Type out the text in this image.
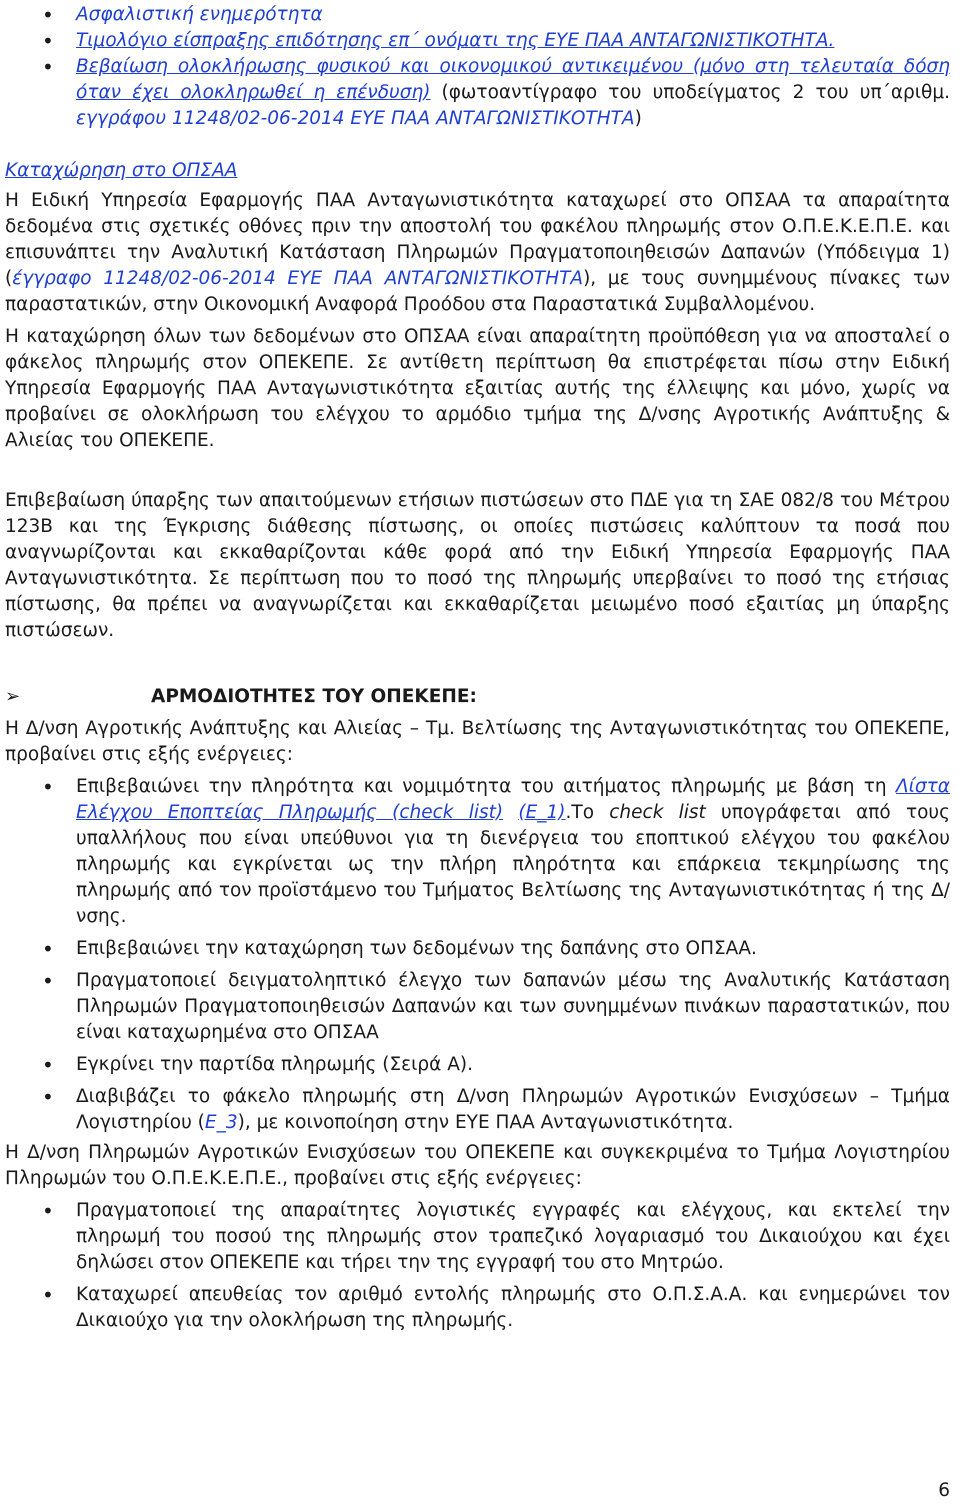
• Ασφαλιστική ενημερότητα
• Τιμολόγιο είσπραξης επιδότησης επ΄ ονόματι της ΕΥΕ ΠΑΑ ΑΝΤΑΓΩΝΙΣΤΙΚΟΤΗΤΑ.
• Βεβαίωση ολοκλήρωσης φυσικού και οικονομικού αντικειμένου (μόνο στη τελευταία δόση όταν έχει ολοκληρωθεί η επένδυση) (φωτοαντίγραφο του υποδείγματος 2 του υπ΄αριθμ. εγγράφου 11248/02-06-2014 ΕΥΕ ΠΑΑ ΑΝΤΑΓΩΝΙΣΤΙΚΟΤΗΤΑ)

Καταχώρηση στο ΟΠΣΑΑ

Η Ειδική Υπηρεσία Εφαρμογής ΠΑΑ Ανταγωνιστικότητα καταχωρεί στο ΟΠΣΑΑ τα απαραίτητα δεδομένα στις σχετικές οθόνες πριν την αποστολή του φακέλου πληρωμής στον Ο.Π.Ε.Κ.Ε.Π.Ε. και επισυνάπτει την Αναλυτική Κατάσταση Πληρωμών Πραγματοποιηθεισών Δαπανών (Υπόδειγμα 1) (έγγραφο 11248/02-06-2014 ΕΥΕ ΠΑΑ ΑΝΤΑΓΩΝΙΣΤΙΚΟΤΗΤΑ), με τους συνημμένους πίνακες των παραστατικών, στην Οικονομική Αναφορά Προόδου στα Παραστατικά Συμβαλλομένου.

Η καταχώρηση όλων των δεδομένων στο ΟΠΣΑΑ είναι απαραίτητη προϋπόθεση για να αποσταλεί ο φάκελος πληρωμής στον ΟΠΕΚΕΠΕ. Σε αντίθετη περίπτωση θα επιστρέφεται πίσω στην Ειδική Υπηρεσία Εφαρμογής ΠΑΑ Ανταγωνιστικότητα εξαιτίας αυτής της έλλειψης και μόνο, χωρίς να προβαίνει σε ολοκλήρωση του ελέγχου το αρμόδιο τμήμα της Δ/νσης Αγροτικής Ανάπτυξης & Αλιείας του ΟΠΕΚΕΠΕ.

Επιβεβαίωση ύπαρξης των απαιτούμενων ετήσιων πιστώσεων στο ΠΔΕ για τη ΣΑΕ 082/8 του Μέτρου 123Β και της Έγκρισης διάθεσης πίστωσης, οι οποίες πιστώσεις καλύπτουν τα ποσά που αναγνωρίζονται και εκκαθαρίζονται κάθε φορά από την Ειδική Υπηρεσία Εφαρμογής ΠΑΑ Ανταγωνιστικότητα. Σε περίπτωση που το ποσό της πληρωμής υπερβαίνει το ποσό της ετήσιας πίστωσης, θα πρέπει να αναγνωρίζεται και εκκαθαρίζεται μειωμένο ποσό εξαιτίας μη ύπαρξης πιστώσεων.

➢	ΑΡΜΟΔΙΟΤΗΤΕΣ ΤΟΥ ΟΠΕΚΕΠΕ:

Η Δ/νση Αγροτικής Ανάπτυξης και Αλιείας – Τμ. Βελτίωσης της Ανταγωνιστικότητας του ΟΠΕΚΕΠΕ, προβαίνει στις εξής ενέργειες:

• Επιβεβαιώνει την πληρότητα και νομιμότητα του αιτήματος πληρωμής με βάση τη Λίστα Ελέγχου Εποπτείας Πληρωμής (check list) (Ε_1).Το check list υπογράφεται από τους υπαλλήλους που είναι υπεύθυνοι για τη διενέργεια του εποπτικού ελέγχου του φακέλου πληρωμής και εγκρίνεται ως την πλήρη πληρότητα και επάρκεια τεκμηρίωσης της πληρωμής από τον προϊστάμενο του Τμήματος Βελτίωσης της Ανταγωνιστικότητας ή της Δ/νσης.
• Επιβεβαιώνει την καταχώρηση των δεδομένων της δαπάνης στο ΟΠΣΑΑ.
• Πραγματοποιεί δειγματοληπτικό έλεγχο των δαπανών μέσω της Αναλυτικής Κατάσταση Πληρωμών Πραγματοποιηθεισών Δαπανών και των συνημμένων πινάκων παραστατικών, που είναι καταχωρημένα στο ΟΠΣΑΑ
• Εγκρίνει την παρτίδα πληρωμής (Σειρά Α).
• Διαβιβάζει το φάκελο πληρωμής στη Δ/νση Πληρωμών Αγροτικών Ενισχύσεων – Τμήμα Λογιστηρίου (Ε_3), με κοινοποίηση στην ΕΥΕ ΠΑΑ Ανταγωνιστικότητα.

Η Δ/νση Πληρωμών Αγροτικών Ενισχύσεων του ΟΠΕΚΕΠΕ και συγκεκριμένα το Τμήμα Λογιστηρίου Πληρωμών του Ο.Π.Ε.Κ.Ε.Π.Ε., προβαίνει στις εξής ενέργειες:

• Πραγματοποιεί της απαραίτητες λογιστικές εγγραφές και ελέγχους, και εκτελεί την πληρωμή του ποσού της πληρωμής στον τραπεζικό λογαριασμό του Δικαιούχου και έχει δηλώσει στον ΟΠΕΚΕΠΕ και τήρει την της εγγραφή του στο Μητρώο.
• Καταχωρεί απευθείας τον αριθμό εντολής πληρωμής στο Ο.Π.Σ.Α.Α. και ενημερώνει τον Δικαιούχο για την ολοκλήρωση της πληρωμής.
6
